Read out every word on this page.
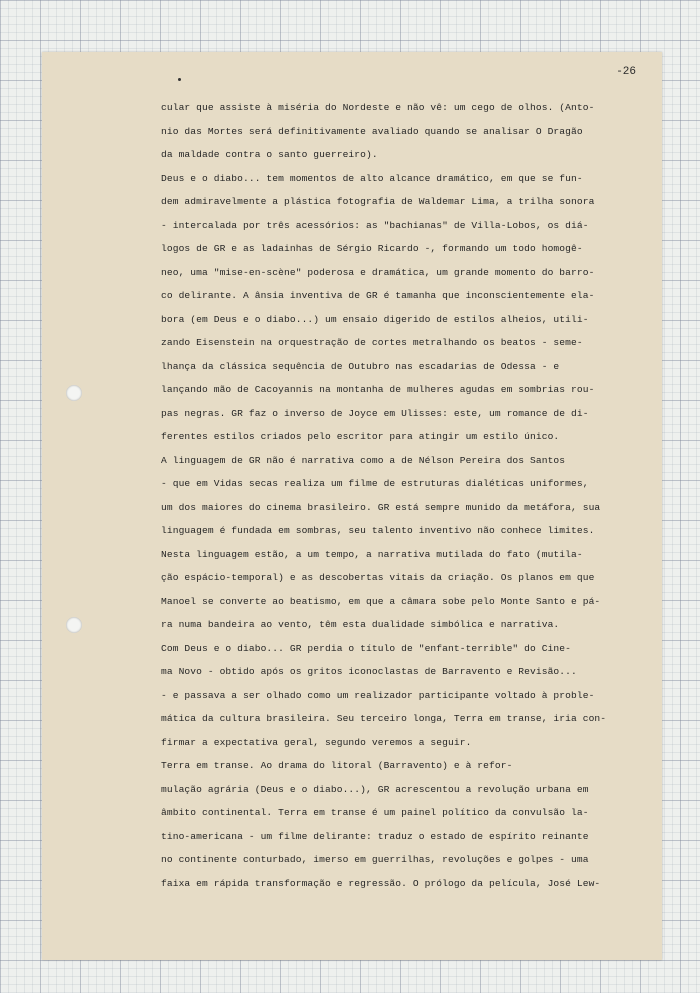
-26
cular que assiste à miséria do Nordeste e não vê: um cego de olhos. (Anto-
nio das Mortes será definitivamente avaliado quando se analisar O Dragão
da maldade contra o santo guerreiro).
Deus e o diabo... tem momentos de alto alcance dramático, em que se fun-
dem admiravelmente a plástica fotografia de Waldemar Lima, a trilha sonora
- intercalada por três acessórios: as "bachianas" de Villa-Lobos, os diá-
logos de GR e as ladainhas de Sérgio Ricardo -, formando um todo homogê-
neo, uma "mise-en-scène" poderosa e dramática, um grande momento do barro-
co delirante. A ânsia inventiva de GR é tamanha que inconscientemente ela-
bora (em Deus e o diabo...) um ensaio digerido de estilos alheios, utili-
zando Eisenstein na orquestração de cortes metralhando os beatos - seme-
lhança da clássica sequência de Outubro nas escadarias de Odessa - e
lançando mão de Cacoyannis na montanha de mulheres agudas em sombrias rou-
pas negras. GR faz o inverso de Joyce em Ulisses: este, um romance de di-
ferentes estilos criados pelo escritor para atingir um estilo único.
A linguagem de GR não é narrativa como a de Nélson Pereira dos Santos
- que em Vidas secas realiza um filme de estruturas dialéticas uniformes,
um dos maiores do cinema brasileiro. GR está sempre munido da metáfora, sua
linguagem é fundada em sombras, seu talento inventivo não conhece limites.
Nesta linguagem estão, a um tempo, a narrativa mutilada do fato (mutila-
ção espácio-temporal) e as descobertas vitais da criação. Os planos em que
Manoel se converte ao beatismo, em que a câmara sobe pelo Monte Santo e pá-
ra numa bandeira ao vento, têm esta dualidade simbólica e narrativa.
Com Deus e o diabo... GR perdia o título de "enfant-terrible" do Cine-
ma Novo - obtido após os gritos iconoclastas de Barravento e Revisão...
- e passava a ser olhado como um realizador participante voltado à proble-
mática da cultura brasileira. Seu terceiro longa, Terra em transe, iria con-
firmar a expectativa geral, segundo veremos a seguir.
Terra em transe. Ao drama do litoral (Barravento) e à refor-
mulação agrária (Deus e o diabo...), GR acrescentou a revolução urbana em
âmbito continental. Terra em transe é um painel político da convulsão la-
tino-americana - um filme delirante: traduz o estado de espírito reinante
no continente conturbado, imerso em guerrilhas, revoluções e golpes - uma
faixa em rápida transformação e regressão. O prólogo da película, José Lew-
